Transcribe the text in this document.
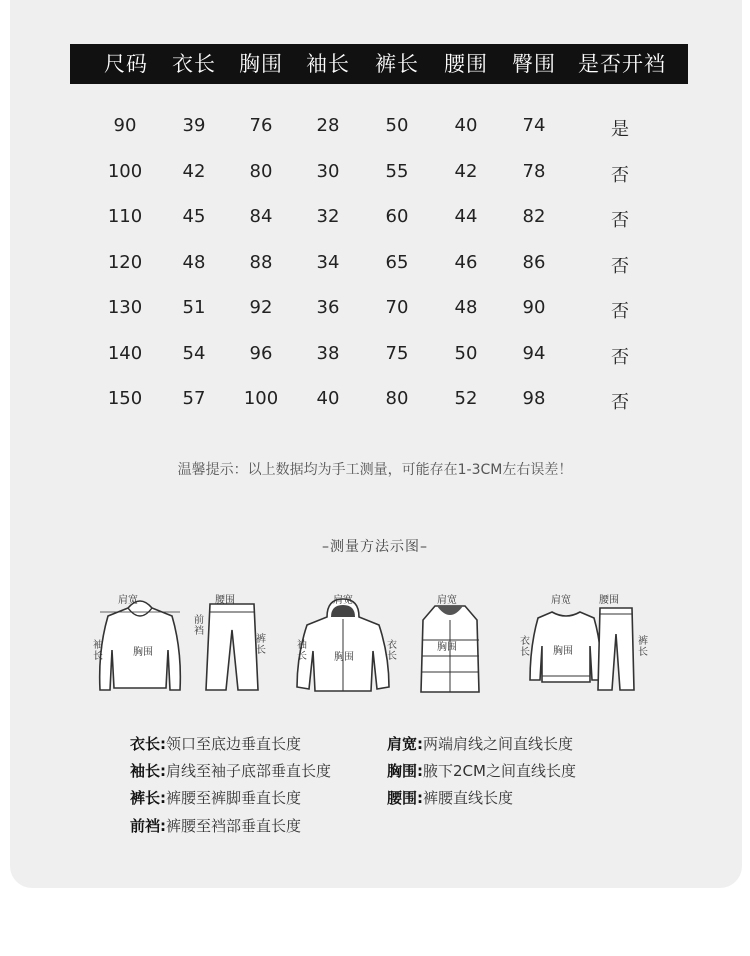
尺码 衣长 胸围 袖长 裤长 腰围 臀围 是否开裆
90	39 76 28	50	40	74	是
100 42 80 30	55	42	78	否
110 45 84 32	60	44	82	否
120 48 88 34	65	46	86	否
130 51 92 36	70	48	90	否
140 54 96 38	75	50	94	否
150 57 100 40	80	52	98	否
温馨提示：以上数据均为手工测量，可能存在1-3CM左右误差！
–测量方法示图–
肩宽
胸围
袖长
腰围
前裆
裤长
肩宽
胸围
袖长
肩宽
胸围
衣长
肩宽
胸围
衣长
腰围
裤长
衣长:领口至底边垂直长度
袖长:肩线至袖子底部垂直长度
裤长:裤腰至裤脚垂直长度
前裆:裤腰至裆部垂直长度
肩宽:两端肩线之间直线长度
胸围:腋下2CM之间直线长度
腰围:裤腰直线长度
